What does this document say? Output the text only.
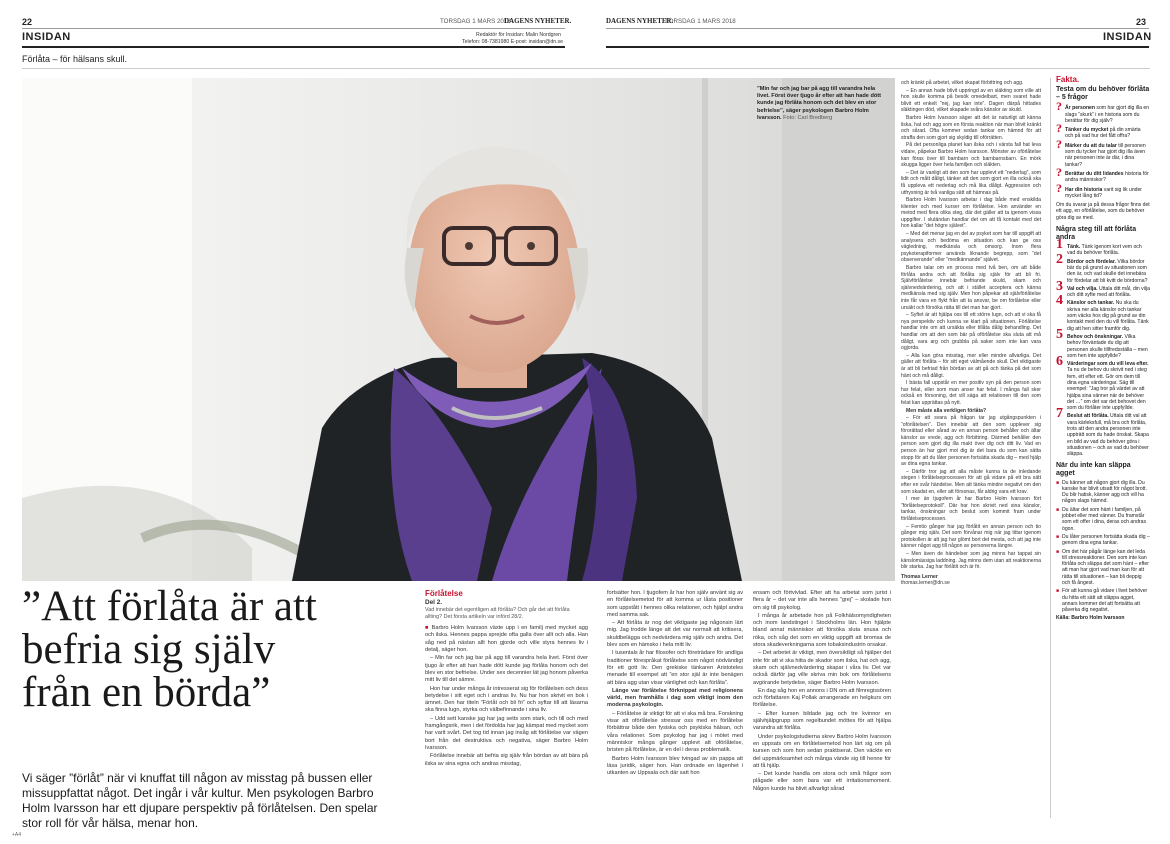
22
INSIDAN
TORSDAG 1 MARS 2018
DAGENS NYHETER.
Redaktör för Insidan: Malin Nordgren
Telefon: 08-7381980 E-post: insidan@dn.se
DAGENS NYHETER.
TORSDAG 1 MARS 2018	23
INSIDAN
Förlåta – för hälsans skull.
”Min far och jag bar på agg till varandra hela livet. Först över tjugo år efter att han hade dött kunde jag förlåta honom och det blev en stor befrielse”, säger psykologen Barbro Holm Ivarsson. Foto: Carl Bredberg
”Att förlåta är att befria sig själv från en börda”
Vi säger ”förlåt” när vi knuffat till någon av misstag på bussen eller missuppfattat något. Det ingår i vår kultur. Men psykologen Barbro Holm Ivarsson har ett djupare perspektiv på förlåtelsen. Den spelar stor roll för vår hälsa, menar hon.
Förlåtelse
Del 2.
Vad innebär det egentligen att förlåta? Och går det att förlåta allting? Det första artikeln var införd 28/2.

■ Barbro Holm Ivarsson växte upp i en familj med mycket agg och ilska. Hennes pappa sprejde ofta galla över allt och alla. Han såg ned på nästan allt hon gjorde och ville styra hennes liv i detalj, säger hon.

– Min far och jag bar på agg till varandra hela livet. Först över tjugo år efter att han hade dött kunde jag förlåta honom och det blev en stor befrielse. Under sex decennier lät jag honom påverka mitt liv till det sämre.

Hon har under många år intresserat sig för förlåtelsen och dess betydelse i sitt eget och i andras liv. Nu har hon skrivit en bok i ämnet. Den har titeln ”Förlåt och bli fri” och syftar till att läsarna ska finna lugn, styrka och välbefinnande i sina liv.

– Udd sett kanske jag har jag setts som stark, och till och med framgångsrik, men i det fördolda har jag kämpat med mycket som har varit svårt. Det tog tid innan jag insåg att förlåtelse var vägen bort från det destruktiva och negativa, säger Barbro Holm Ivarsson.

Förlåtelse innebär att befria sig själv från bördan av att bära på ilska av sina egna och andras misstag,

fortsätter hon. I tjugofem år har hon själv använt sig av en förlåtelsemetod för att komma ur låsta positioner som uppstått i hennes olika relationer, och hjälpt andra med samma sak.

– Att förlåta är nog det viktigaste jag någonsin lärt mig. Jag trodde länge att det var normalt att kritisera, skuldbelägga och nedvärdera mig själv och andra. Det blev som en hämsko i hela mitt liv.

I tusentals år har filosofer och företrädare för andliga traditioner förespråkat förlåtelse som något nödvändigt för ett gott liv. Den grekiske tänkaren Aristoteles menade till exempel att ”en stor själ är inte benägen att bära agg utan visar vänlighet och kan förlåta”.

Länge var förlåtelse förknippat med religionens värld, men framhålls i dag som viktigt inom den moderna psykologin.

– Förlåtelse är viktigt för att vi ska må bra. Forskning visar att oförlåtelse stressar oss med en förlåtelse förbättrar både den fysiska och psykiska hälsan, och våra relationer. Som psykolog har jag i mötet med människor många gånger upplevt att oförlåtelse, bristen på förlåtelse, är en del i deras problematik.

Barbro Holm Ivarsson blev tvingad av sin pappa att läsa juridik, säger hon. Han ordnade en lägenhet i utkanten av Uppsala och där satt hon

ensam och förtvivlad. Efter att ha arbetat som jurist i flera år – det var inte alls hennes ”grej” – skolade hon om sig till psykolog.

I många år arbetade hon på Folkhälsomyndigheten och inom landstinget i Stockholms län. Hon hjälpte bland annat människor att försöka sluta snusa och röka, och såg det som en viktig uppgift att bromsa de stora skadeverkningarna som tobaksindustrin orsakar.

– Det arbetet är viktigt, men översiktligt så hjälper det inte för att vi ska hitta de skador som ilska, hat och agg, skam och självnedvärdering skapar i våra liv. Det var också därför jag ville skriva min bok om förlåtelsens avgörande betydelse, säger Barbro Holm Ivarsson.

En dag såg hon en annons i DN om att filmregissören och författaren Kaj Pollak arrangerade en helgkurs om förlåtelse.

– Efter kursen bildade jag och tre kvinnor en självhjälpgrupp som regelbundet möttes för att hjälpa varandra att förlåta.

Under psykologstudierna skrev Barbro Holm Ivarsson en uppsats om en förlåtelsemetod hon lärt sig om på kursen och som hon sedan praktiserat. Den väckte en del uppmärksamhet och många vände sig till henne för att få hjälp.

– Det kunde handla om stora och små frågor som plågade eller som bara var ett irritationsmoment. Någon kunde ha blivit allvarligt sårad

och kränkt på arbetet, vilket skapat förbittring och agg.

– En annan hade blivit uppringd av en släkting som ville att hon skulle komma på besök omedelbart, men svaret hade blivit ett enkelt ”nej, jag kan inte”. Dagen därpå hittades släktingen död, vilket skapade svåra känslor av skuld.

Barbro Holm Ivarsson säger att det är naturligt att känna ilska, hat och agg som en första reaktion när man blivit kränkt och sårad. Ofta kommer sedan tankar om hämnd för att straffa den som gjort sig skyldig till oförrätten.

På det personliga planet kan ilska och i värsta fall hat leva vidare, påpekar Barbro Holm Ivarsson. Mönster av oförlåtelse kan föras över till barnbarn och barnbarnsbarn. En mörk skugga ligger över hela familjen och släkten.

– Det är vanligt att den som har upplevt ett ”nederlag”, som lidit och mått dåligt, tänker att den som gjort en illa också ska få uppleva ett nederlag och må lika dåligt. Aggression och utfrysning är två vanliga sätt att hämnas på.

Barbro Holm Ivarsson arbetar i dag både med enskilda klienter och med kurser om förlåtelse. Hon använder en metod med flera olika steg, där det gäller att ta igenom vissa uppgifter. I slutändan handlar det om att få kontakt med det hon kallar ”det högre självet”.

– Med det menar jag en del av psyket som har till uppgift att analysera och bedöma en situation och kan ge oss vägledning, medkänsla och omsorg. Inom flera psykoterapiformer används liknande begrepp, som ”det observerande” eller ”medkännande” självet.

Barbro talar om en process med två ben, om att både förlåta andra och att förlåta sig själv för att bli fri. Självförlåtelse innebär befriande skuld, skam och självnedvärdering, och att i stället acceptera och känna medkänsla med sig själv. Men hon påpekar att självförlåtelse inte får vara en flykt från att ta ansvar, be om förlåtelse eller ursäkt och försöka rätta till det man har gjort.

– Syftet är att hjälpa oss till ett större lugn, och att vi ska få nya perspektiv och kunna se klart på situationen. Förlåtelse handlar inte om att ursäkta eller tillåta dålig behandling. Det handlar om att den som bär på oförlåtelse ska sluta att må dåligt, vara arg och grubbla på saker som inte kan vara ogjorda.

– Alla kan göra misstag, mer eller mindre allvarliga. Det gäller att förlåta – för sitt eget välmående skull. Det viktigaste är att bli befriad från bördan av att gå och tänka på det som hänt och må dåligt.

I bästa fall uppstår en mer positiv syn på den person som har felat, eller som man anser har felat. I många fall sker också en försoning, det vill säga att relationen till den som felat kan upprättas på nytt.

Men måste alla verkligen förlåta?

– För att svara på frågan tar jag utgångspunkten i ”oförlåtelsen”. Den innebär att den som upplever sig förorättad eller sårad av en annan person behåller och ältar känslor av vrede, agg och förbittring. Därmed behåller den person som gjort dig illa makt över dig och ditt liv. Vad en person än har gjort mot dig är det bara du som kan sätta stopp för att du låter personen fortsätta skada dig – med hjälp av dina egna tankar.

– Därför tror jag att alla måste kunna ta de inledande stegen i förlåtelseprocessen för att gå vidare på ett bra sätt efter en svår händelse. Men att tänka mindre negativt om den som skadat en, eller att försonas, får aldrig vara ett krav.

I mer än tjugofem år har Barbro Holm Ivarsson fört ”förlåtelseprotokoll”. Där har hon skrivit ned sina känslor, tankar, önskningar och beslut som kommit fram under förlåtelseprocessen.

– Femtio gånger har jag förlåtit en annan person och tio gånger mig själv. Det som förvånar mig när jag tittar igenom protokollen är att jag har glömt bort det mesta, och att jag inte känner något agg till någon av personerna längre.

– Men även de händelser som jag minns har tappat sin känslomässiga laddning. Jag minns dem utan att reaktionerna blir starka. Jag har förlåtit och är fri.

Thomas Lerner
thomas.lerner@dn.se
Fakta.
Testa om du behöver förlåta – 5 frågor
? Är personen som har gjort dig illa en slags ”skurk” i en historia som du berättar för dig själv?
? Tänker du mycket på din smärta och på vad hur det fått offra?
? Märker du att du talar till personen som du tycker har gjort dig illa även när personen inte är där, i dina tankar?
? Berättar du ditt lidandes historia för andra människor?
? Har din historia varit sig lik under mycket lång tid?
Om du svarar ja på dessa frågor finns det ett agg, en oförlåtelse, som du behöver göra dig av med.
Några steg till att förlåta andra
1 Tänk. Tänk igenom kort vem och vad du behöver förlåta.
2 Bördor och fördelar. Vilka bördor bär du på grund av situationen som den är, och vad skulle det innebära för fördelar att bli kvitt de bördorna?
3 Val och vilja. Uttala ditt mål, din vilja och ditt syfte med att förlåta.
4 Känslor och tankar. Nu ska du skriva ner alla känslor och tankar som väcks hos dig på grund av din kontakt med den du vill förlåta. Tänk dig att hen sitter framför dig.
5 Behov och önskningar. Vilka behov förväntade du dig att personen skulle tillfredsställa – men som hen inte uppfyllde?
6 Värderingar som du vill leva efter. Ta nu de behov du skrivit ned i steg fem, ett efter ett. Gör om dem till dina egna värderingar. Säg till exempel: ”Jag tror på värdet av att hjälpa sina vänner när de behöver det …” om det var det behovet den som du förlåter inte uppfyllde.
7 Beslut att förlåta. Uttala ditt val att vara kärleksfull, må bra och förlåta, trots att den andra personen inte uppträtt som du hade önskat. Skapa en bild av vad du behöver göra i situationen – och av vad du behöver släppa.
När du inte kan släppa agget
■ Du känner att någon gjort dig illa. Du kanske har blivit utsatt för något brott. Du blir hatisk, känner agg och vill ha någon slags hämnd.
■ Du ältar det som hänt i familjen, på jobbet eller med vänner. Du framstår som ett offer i dina, deras och andras ögon.
■ Du låter personen fortsätta skada dig – genom dina egna tankar.
■ Om det här pågår länge kan det leda till stressreaktioner. Den som inte kan förlåta och släppa det som hänt – efter att man har gjort vad man kan för att rätta till situationen – kan bli deppig och få ångest.
■ För att kunna gå vidare i livet behöver du hitta ett sätt att släppa agget, annars kommer det att fortsätta att påverka dig negativt.
Källa: Barbro Holm Ivarsson
+A4
